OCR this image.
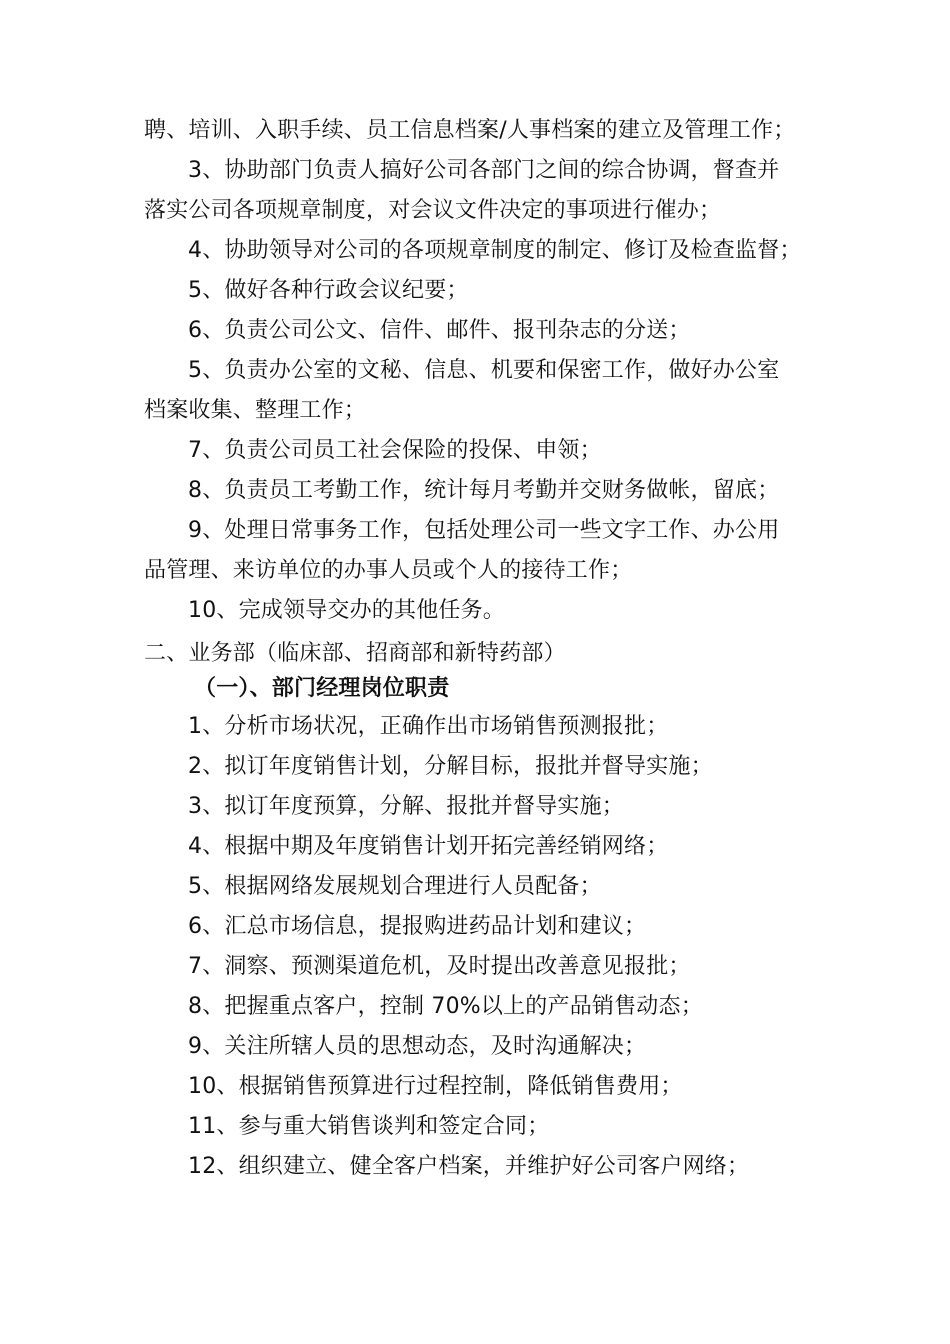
聘、培训、入职手续、员工信息档案/人事档案的建立及管理工作；
3、协助部门负责人搞好公司各部门之间的综合协调，督查并
落实公司各项规章制度，对会议文件决定的事项进行催办；
4、协助领导对公司的各项规章制度的制定、修订及检查监督；
5、做好各种行政会议纪要；
6、负责公司公文、信件、邮件、报刊杂志的分送；
5、负责办公室的文秘、信息、机要和保密工作，做好办公室
档案收集、整理工作；
7、负责公司员工社会保险的投保、申领；
8、负责员工考勤工作，统计每月考勤并交财务做帐，留底；
9、处理日常事务工作，包括处理公司一些文字工作、办公用
品管理、来访单位的办事人员或个人的接待工作；
10、完成领导交办的其他任务。
二、业务部（临床部、招商部和新特药部）
（一）、部门经理岗位职责
1、分析市场状况，正确作出市场销售预测报批；
2、拟订年度销售计划，分解目标，报批并督导实施；
3、拟订年度预算，分解、报批并督导实施；
4、根据中期及年度销售计划开拓完善经销网络；
5、根据网络发展规划合理进行人员配备；
6、汇总市场信息，提报购进药品计划和建议；
7、洞察、预测渠道危机，及时提出改善意见报批；
8、把握重点客户，控制 70%以上的产品销售动态；
9、关注所辖人员的思想动态，及时沟通解决；
10、根据销售预算进行过程控制，降低销售费用；
11、参与重大销售谈判和签定合同；
12、组织建立、健全客户档案，并维护好公司客户网络；
